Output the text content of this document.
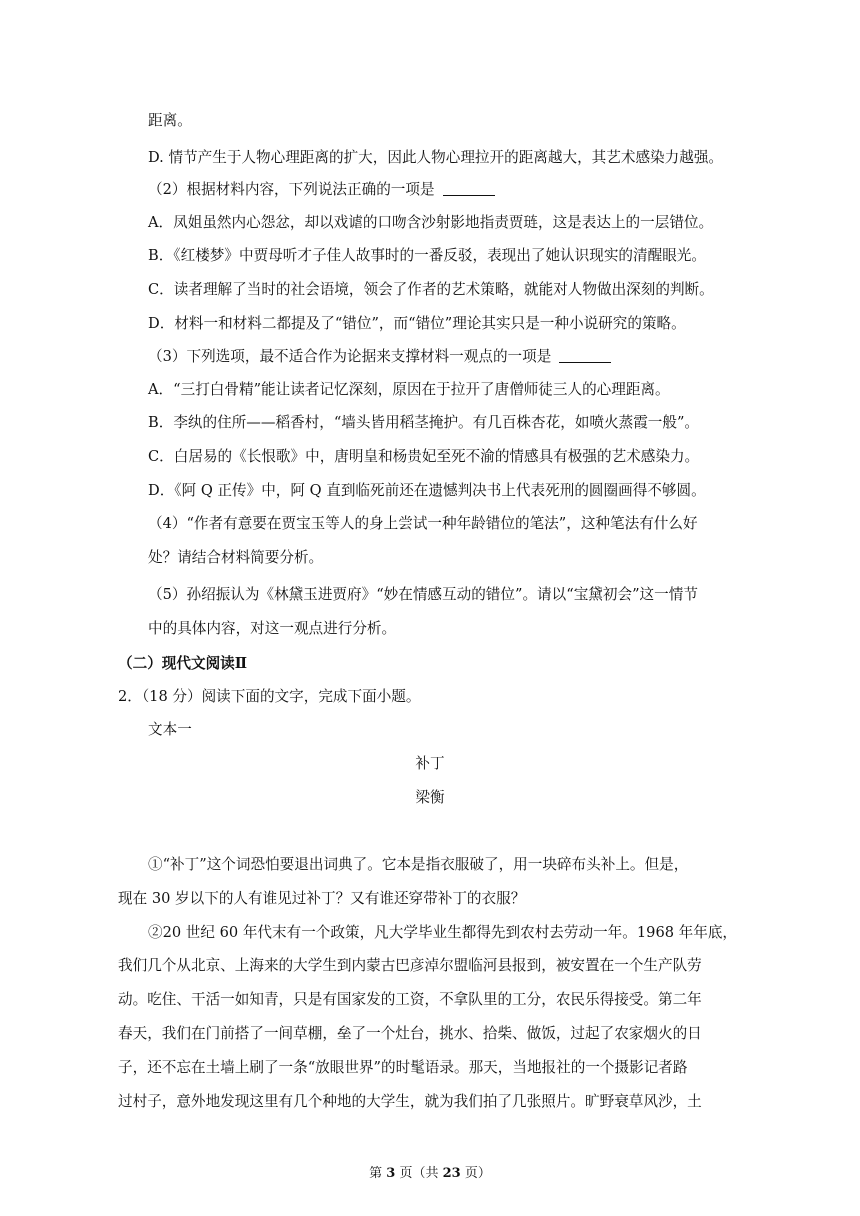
距离。
D. 情节产生于人物心理距离的扩大，因此人物心理拉开的距离越大，其艺术感染力越强。
（2）根据材料内容，下列说法正确的一项是
A．凤姐虽然内心怨忿，却以戏谑的口吻含沙射影地指责贾琏，这是表达上的一层错位。
B．《红楼梦》中贾母听才子佳人故事时的一番反驳，表现出了她认识现实的清醒眼光。
C．读者理解了当时的社会语境，领会了作者的艺术策略，就能对人物做出深刻的判断。
D．材料一和材料二都提及了“错位”，而“错位”理论其实只是一种小说研究的策略。
（3）下列选项，最不适合作为论据来支撑材料一观点的一项是
A．“三打白骨精”能让读者记忆深刻，原因在于拉开了唐僧师徒三人的心理距离。
B．李纨的住所——稻香村，“墙头皆用稻茎掩护。有几百株杏花，如喷火蒸霞一般”。
C．白居易的《长恨歌》中，唐明皇和杨贵妃至死不渝的情感具有极强的艺术感染力。
D．《阿 Q 正传》中，阿 Q 直到临死前还在遗憾判决书上代表死刑的圆圈画得不够圆。
（4）“作者有意要在贾宝玉等人的身上尝试一种年龄错位的笔法”，这种笔法有什么好
处？请结合材料简要分析。
（5）孙绍振认为《林黛玉进贾府》“妙在情感互动的错位”。请以“宝黛初会”这一情节
中的具体内容，对这一观点进行分析。
（二）现代文阅读Ⅱ
2．（18 分）阅读下面的文字，完成下面小题。
文本一
补丁
梁衡
①“补丁”这个词恐怕要退出词典了。它本是指衣服破了，用一块碎布头补上。但是，
现在 30 岁以下的人有谁见过补丁？又有谁还穿带补丁的衣服？
②20 世纪 60 年代末有一个政策，凡大学毕业生都得先到农村去劳动一年。1968 年年底，
我们几个从北京、上海来的大学生到内蒙古巴彦淖尔盟临河县报到，被安置在一个生产队劳
动。吃住、干活一如知青，只是有国家发的工资，不拿队里的工分，农民乐得接受。第二年
春天，我们在门前搭了一间草棚，垒了一个灶台，挑水、拾柴、做饭，过起了农家烟火的日
子，还不忘在土墙上刷了一条“放眼世界”的时髦语录。那天，当地报社的一个摄影记者路
过村子，意外地发现这里有几个种地的大学生，就为我们拍了几张照片。旷野衰草风沙，土
第 3 页（共 23 页）
